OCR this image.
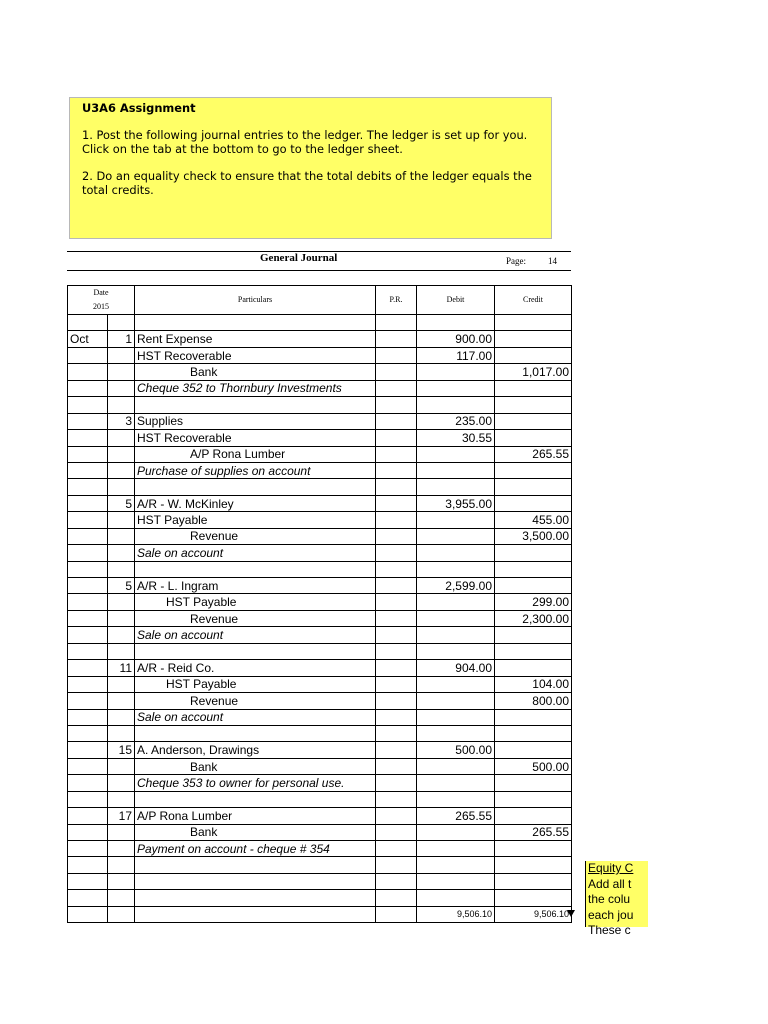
U3A6 Assignment

1. Post the following journal entries to the ledger. The ledger is set up for you. Click on the tab at the bottom to go to the ledger sheet.

2. Do an equality check to ensure that the total debits of the ledger equals the total credits.

General Journal	Page: 14
Date		Particulars	P.R.	Debit	Credit
2015					

Oct	1	Rent Expense		900.00	
		HST Recoverable		117.00	
		Bank			1,017.00
		Cheque 352 to Thornbury Investments			

	3	Supplies		235.00	
		HST Recoverable		30.55	
		A/P Rona Lumber			265.55
		Purchase of supplies on account			

	5	A/R - W. McKinley		3,955.00	
		HST Payable			455.00
		Revenue			3,500.00
		Sale on account			

	5	A/R - L. Ingram		2,599.00	
		HST Payable			299.00
		Revenue			2,300.00
		Sale on account			

	11	A/R - Reid Co.		904.00	
		HST Payable			104.00
		Revenue			800.00
		Sale on account			

	15	A. Anderson, Drawings		500.00	
		Bank			500.00
		Cheque 353 to owner for personal use.			

	17	A/P Rona Lumber		265.55	
		Bank			265.55
		Payment on account - cheque # 354			

				9,506.10	9,506.10
Equity C
Add all t
the colu
each jou
These c
